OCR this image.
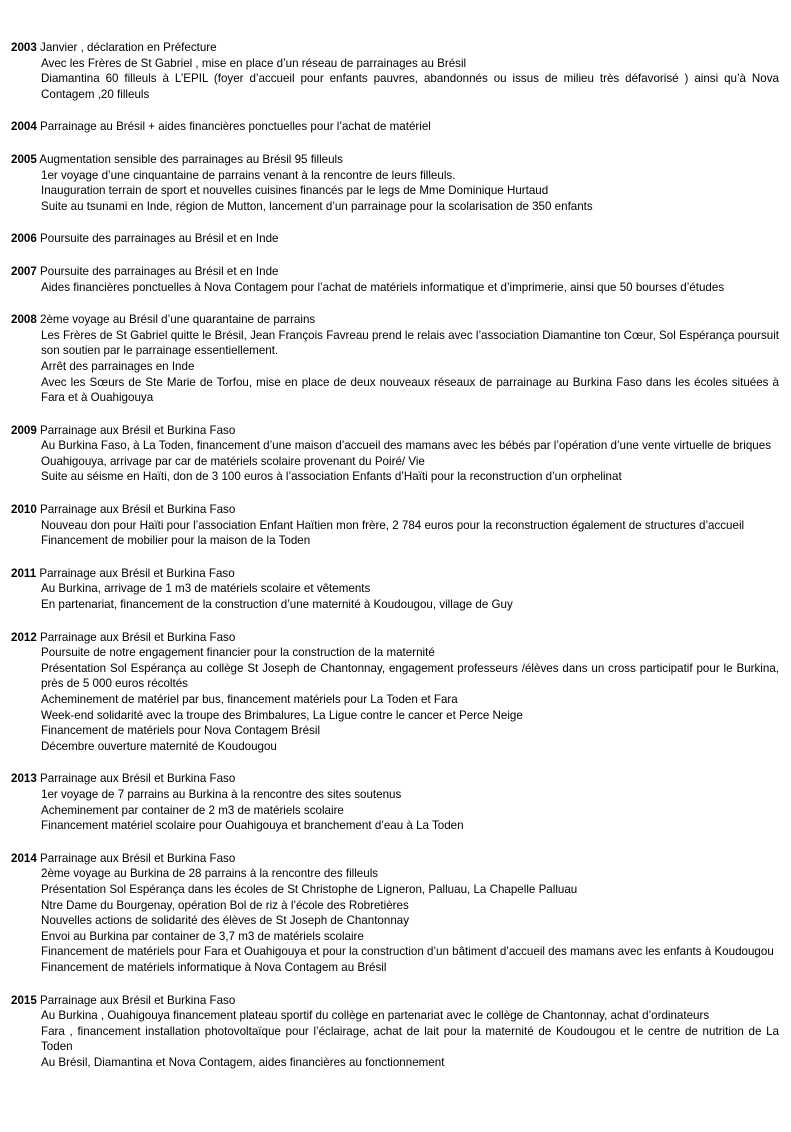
2003 Janvier , déclaration en Préfecture
Avec les Frères de St Gabriel , mise en place d’un réseau de parrainages au Brésil
Diamantina 60 filleuls à L’EPIL (foyer d’accueil pour enfants pauvres, abandonnés ou issus de milieu très défavorisé ) ainsi qu’à Nova Contagem ,20 filleuls
2004 Parrainage au Brésil + aides financières ponctuelles pour l’achat de matériel
2005 Augmentation sensible des parrainages au Brésil 95 filleuls
1er voyage d’une cinquantaine de parrains venant à la rencontre de leurs filleuls.
Inauguration terrain de sport et nouvelles cuisines financés par le legs de Mme Dominique Hurtaud
Suite au tsunami en Inde, région de Mutton, lancement d’un parrainage pour la scolarisation de 350 enfants
2006 Poursuite des parrainages au Brésil et en Inde
2007 Poursuite des parrainages au Brésil et en Inde
Aides financières ponctuelles à Nova Contagem pour l’achat de matériels informatique et d’imprimerie, ainsi que 50 bourses d’études
2008 2ème voyage au Brésil d’une quarantaine de parrains
Les Frères de St Gabriel quitte le Brésil, Jean François Favreau prend le relais avec l’association Diamantine ton Cœur, Sol Espérança poursuit son soutien par le parrainage essentiellement.
Arrêt des parrainages en Inde
Avec les Sœurs de Ste Marie de Torfou, mise en place de deux nouveaux réseaux de parrainage au Burkina Faso dans les écoles situées à Fara et à Ouahigouya
2009 Parrainage aux Brésil et Burkina Faso
Au Burkina Faso, à La Toden, financement d’une maison d’accueil des mamans avec les bébés par l’opération d’une vente virtuelle de briques
Ouahigouya, arrivage par car de matériels scolaire provenant du Poiré/ Vie
Suite au séisme en Haïti, don de 3 100 euros à l’association Enfants d’Haïti pour la reconstruction d’un orphelinat
2010 Parrainage aux Brésil et Burkina Faso
Nouveau don pour Haïti pour l’association Enfant Haïtien mon frère, 2 784 euros pour la reconstruction également de structures d’accueil
Financement de mobilier pour la maison de la Toden
2011 Parrainage aux Brésil et Burkina Faso
Au Burkina, arrivage de 1 m3 de matériels scolaire et vêtements
En partenariat, financement de la construction d’une maternité à Koudougou, village de Guy
2012 Parrainage aux Brésil et Burkina Faso
Poursuite de notre engagement financier pour la construction de la maternité
Présentation Sol Espérança au collège St Joseph de Chantonnay, engagement professeurs /élèves dans un cross participatif pour le Burkina, près de 5 000 euros récoltés
Acheminement de matériel par bus, financement matériels pour La Toden et Fara
Week-end solidarité avec la troupe des Brimbalures, La Ligue contre le cancer et Perce Neige
Financement de matériels pour Nova Contagem Brésil
Décembre ouverture maternité de Koudougou
2013 Parrainage aux Brésil et Burkina Faso
1er voyage de 7 parrains au Burkina à la rencontre des sites soutenus
Acheminement par container de 2 m3 de matériels scolaire
Financement matériel scolaire pour Ouahigouya et branchement d’eau à La Toden
2014 Parrainage aux Brésil et Burkina Faso
2ème voyage au Burkina de 28 parrains à la rencontre des filleuls
Présentation Sol Espérança dans les écoles de St Christophe de Ligneron, Palluau, La Chapelle Palluau
Ntre Dame du Bourgenay, opération Bol de riz à l’école des Robretières
Nouvelles actions de solidarité des élèves de St Joseph de Chantonnay
Envoi au Burkina par container de 3,7 m3 de matériels scolaire
Financement de matériels pour Fara et Ouahigouya et pour la construction d’un bâtiment d’accueil des mamans avec les enfants à Koudougou
Financement de matériels informatique à Nova Contagem au Brésil
2015 Parrainage aux Brésil et Burkina Faso
Au Burkina , Ouahigouya financement plateau sportif du collège en partenariat avec le collège de Chantonnay, achat d’ordinateurs
Fara , financement installation photovoltaïque pour l’éclairage, achat de lait pour la maternité de Koudougou et le centre de nutrition de La Toden
Au Brésil, Diamantina et Nova Contagem, aides financières au fonctionnement
